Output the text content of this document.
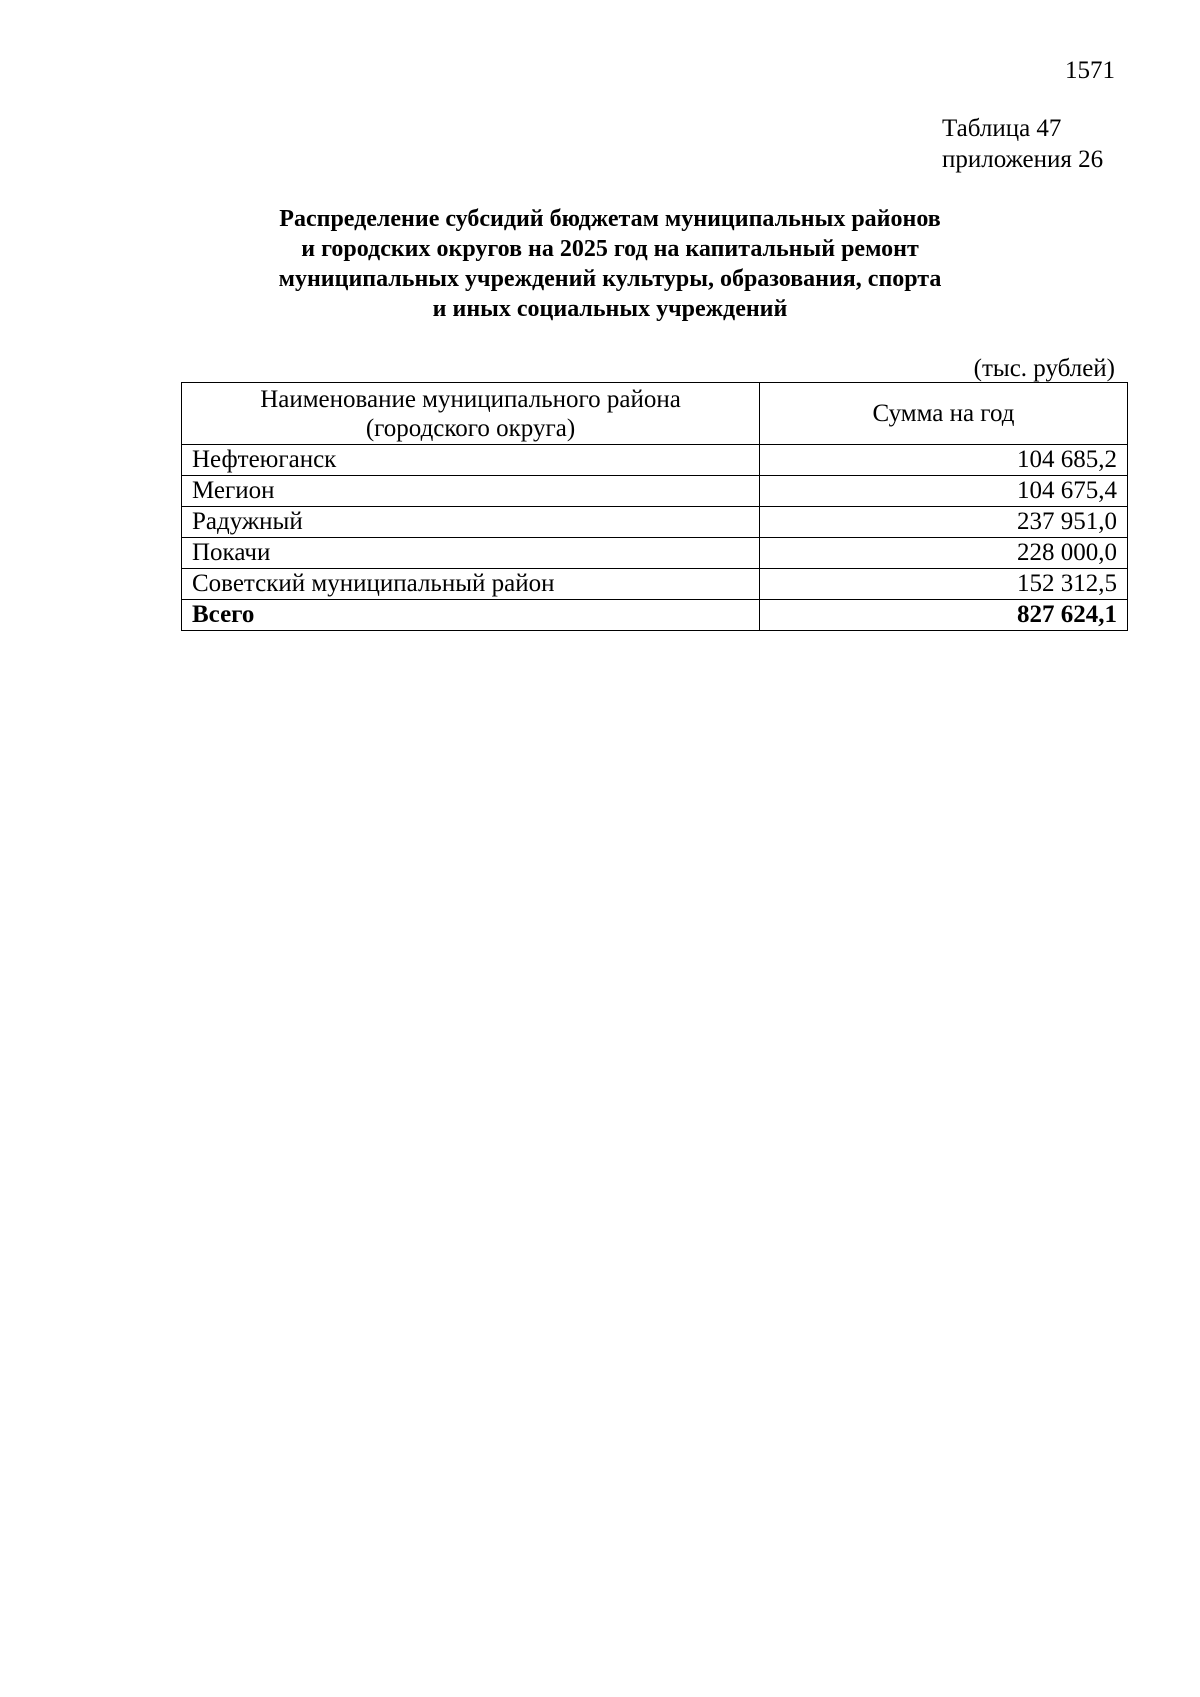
1571
Таблица 47
приложения 26
Распределение субсидий бюджетам муниципальных районов
и городских округов на 2025 год на капитальный ремонт
муниципальных учреждений культуры, образования, спорта
и иных социальных учреждений
(тыс. рублей)
Наименование муниципального района
(городского округа)	Сумма на год
Нефтеюганск	104 685,2
Мегион	104 675,4
Радужный	237 951,0
Покачи	228 000,0
Советский муниципальный район	152 312,5
Всего	827 624,1
